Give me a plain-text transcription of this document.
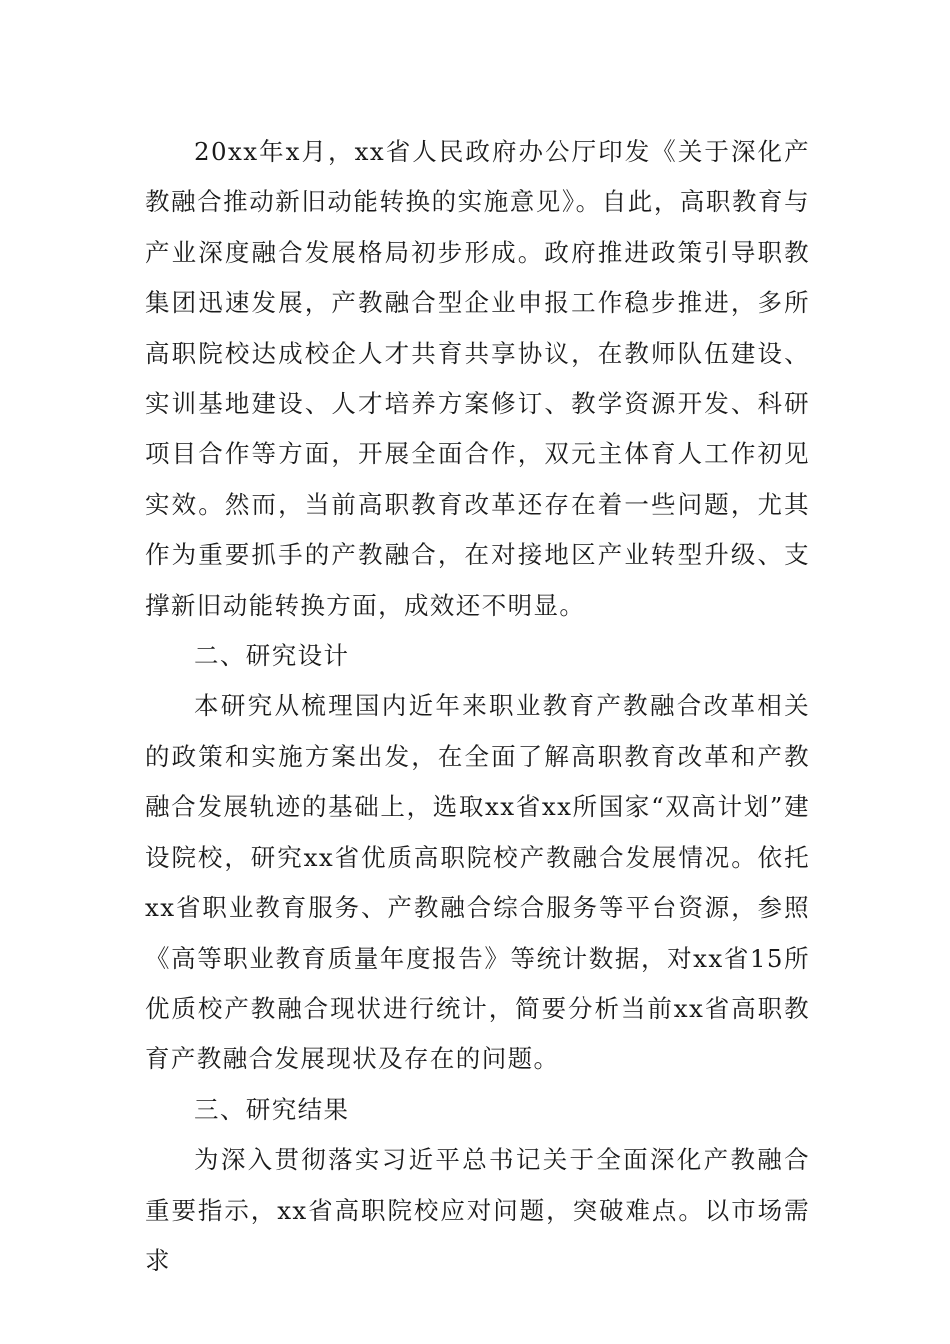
20xx年x月，xx省人民政府办公厅印发《关于深化产教融合推动新旧动能转换的实施意见》。自此，高职教育与产业深度融合发展格局初步形成。政府推进政策引导职教集团迅速发展，产教融合型企业申报工作稳步推进，多所高职院校达成校企人才共育共享协议，在教师队伍建设、实训基地建设、人才培养方案修订、教学资源开发、科研项目合作等方面，开展全面合作，双元主体育人工作初见实效。然而，当前高职教育改革还存在着一些问题，尤其作为重要抓手的产教融合，在对接地区产业转型升级、支撑新旧动能转换方面，成效还不明显。

二、研究设计

本研究从梳理国内近年来职业教育产教融合改革相关的政策和实施方案出发，在全面了解高职教育改革和产教融合发展轨迹的基础上，选取xx省xx所国家“双高计划”建设院校，研究xx省优质高职院校产教融合发展情况。依托xx省职业教育服务、产教融合综合服务等平台资源，参照《高等职业教育质量年度报告》等统计数据，对xx省15所优质校产教融合现状进行统计，简要分析当前xx省高职教育产教融合发展现状及存在的问题。

三、研究结果

为深入贯彻落实习近平总书记关于全面深化产教融合重要指示，xx省高职院校应对问题，突破难点。以市场需求
